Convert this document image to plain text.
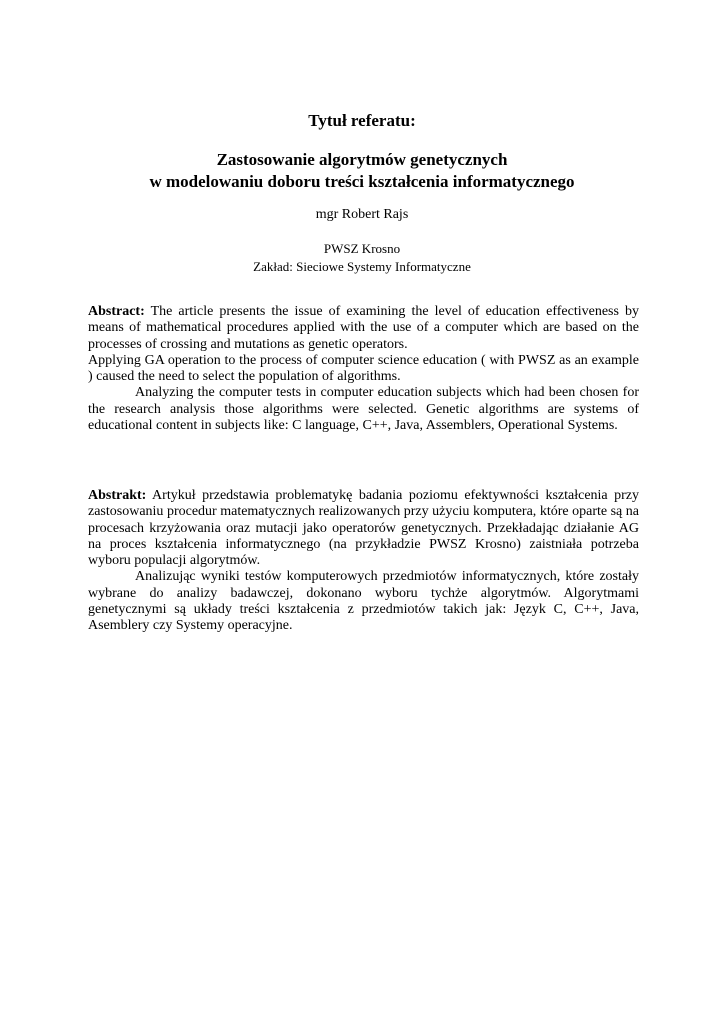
Tytuł referatu:
Zastosowanie algorytmów genetycznych
w modelowaniu doboru treści kształcenia informatycznego
mgr Robert Rajs
PWSZ Krosno
Zakład: Sieciowe Systemy Informatyczne

Abstract: The article presents the issue of examining the level of education effectiveness by means of mathematical procedures applied with the use of a computer which are based on the processes of crossing and mutations as genetic operators.

Applying GA operation to the process of computer science education ( with PWSZ as an example ) caused the need to select the population of algorithms.

Analyzing the computer tests in computer education subjects which had been chosen for the research analysis those algorithms were selected. Genetic algorithms are systems of educational content in subjects like: C language, C++, Java, Assemblers, Operational Systems.

Abstrakt: Artykuł przedstawia problematykę badania poziomu efektywności kształcenia przy zastosowaniu procedur matematycznych realizowanych przy użyciu komputera, które oparte są na procesach krzyżowania oraz mutacji jako operatorów genetycznych. Przekładając działanie AG na proces kształcenia informatycznego (na przykładzie PWSZ Krosno) zaistniała potrzeba wyboru populacji algorytmów.

Analizując wyniki testów komputerowych przedmiotów informatycznych, które zostały wybrane do analizy badawczej, dokonano wyboru tychże algorytmów. Algorytmami genetycznymi są układy treści kształcenia z przedmiotów takich jak: Język C, C++, Java, Asemblery czy Systemy operacyjne.
